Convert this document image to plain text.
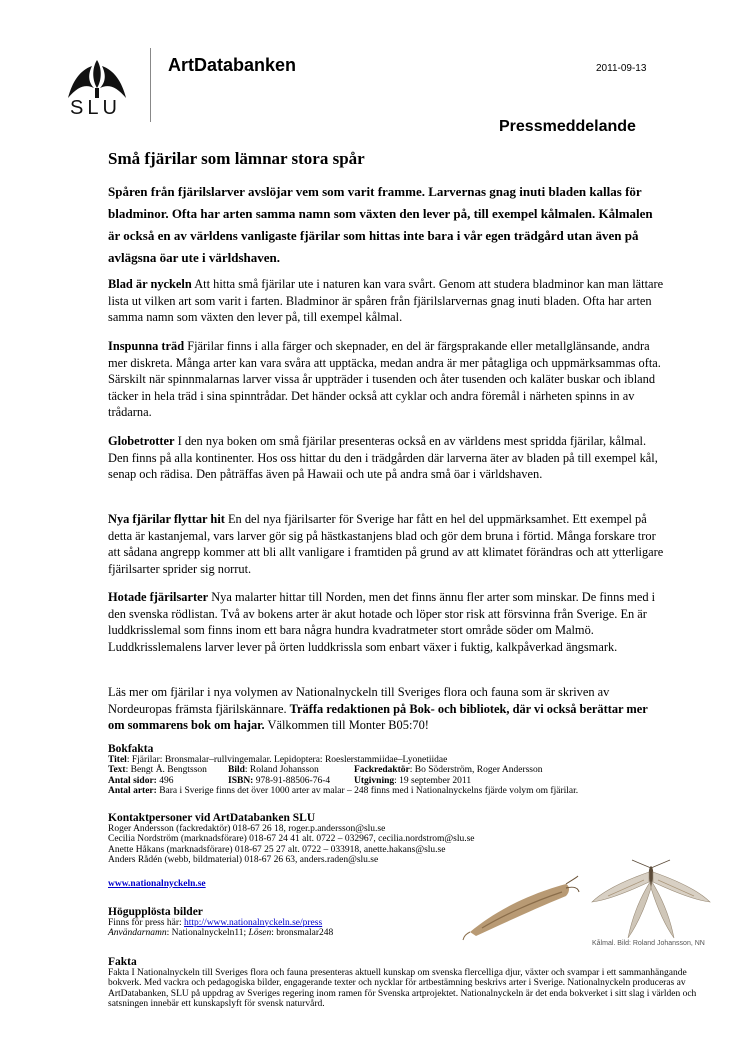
SLU
ArtDatabanken	2011-09-13
Pressmeddelande
Små fjärilar som lämnar stora spår
Spåren från fjärilslarver avslöjar vem som varit framme. Larvernas gnag inuti bladen kallas för bladminor. Ofta har arten samma namn som växten den lever på, till exempel kålmalen. Kålmalen är också en av världens vanligaste fjärilar som hittas inte bara i vår egen trädgård utan även på avlägsna öar ute i världshaven.
Blad är nyckeln Att hitta små fjärilar ute i naturen kan vara svårt. Genom att studera bladminor kan man lättare lista ut vilken art som varit i farten. Bladminor är spåren från fjärilslarvernas gnag inuti bladen. Ofta har arten samma namn som växten den lever på, till exempel kålmal.
Inspunna träd Fjärilar finns i alla färger och skepnader, en del är färgsprakande eller metallglänsande, andra mer diskreta. Många arter kan vara svåra att upptäcka, medan andra är mer påtagliga och uppmärksammas ofta. Särskilt när spinnmalarnas larver vissa år uppträder i tusenden och åter tusenden och kaläter buskar och ibland täcker in hela träd i sina spinntrådar. Det händer också att cyklar och andra föremål i närheten spinns in av trådarna.
Globetrotter I den nya boken om små fjärilar presenteras också en av världens mest spridda fjärilar, kålmal. Den finns på alla kontinenter. Hos oss hittar du den i trädgården där larverna äter av bladen på till exempel kål, senap och rädisa. Den påträffas även på Hawaii och ute på andra små öar i världshaven.
Nya fjärilar flyttar hit En del nya fjärilsarter för Sverige har fått en hel del uppmärksamhet. Ett exempel på detta är kastanjemal, vars larver gör sig på hästkastanjens blad och gör dem bruna i förtid. Många forskare tror att sådana angrepp kommer att bli allt vanligare i framtiden på grund av att klimatet förändras och att ytterligare fjärilsarter sprider sig norrut.
Hotade fjärilsarter Nya malarter hittar till Norden, men det finns ännu fler arter som minskar. De finns med i den svenska rödlistan. Två av bokens arter är akut hotade och löper stor risk att försvinna från Sverige. En är luddkrisslemal som finns inom ett bara några hundra kvadratmeter stort område söder om Malmö. Luddkrisslemalens larver lever på örten luddkrissla som enbart växer i fuktig, kalkpåverkad ängsmark.
Läs mer om fjärilar i nya volymen av Nationalnyckeln till Sveriges flora och fauna som är skriven av Nordeuropas främsta fjärilskännare. Träffa redaktionen på Bok- och bibliotek, där vi också berättar mer om sommarens bok om hajar. Välkommen till Monter B05:70!
Bokfakta
Titel: Fjärilar: Bronsmalar–rullvingemalar. Lepidoptera: Roeslerstammiidae–Lyonetiidae
Text: Bengt Å. Bengtsson Bild: Roland Johansson	Fackredaktör: Bo Söderström, Roger Andersson
Antal sidor: 496	ISBN: 978-91-88506-76-4	Utgivning: 19 september 2011
Antal arter: Bara i Sverige finns det över 1000 arter av malar – 248 finns med i Nationalnyckelns fjärde volym om fjärilar.
Kontaktpersoner vid ArtDatabanken SLU
Roger Andersson (fackredaktör) 018-67 26 18, roger.p.andersson@slu.se
Cecilia Nordström (marknadsförare) 018-67 24 41 alt. 0722 – 032967, cecilia.nordstrom@slu.se
Anette Håkans (marknadsförare) 018-67 25 27 alt. 0722 – 033918, anette.hakans@slu.se
Anders Rådén (webb, bildmaterial) 018-67 26 63, anders.raden@slu.se
www.nationalnyckeln.se
Högupplösta bilder
Finns för press här: http://www.nationalnyckeln.se/press
Användarnamn: Nationalnyckeln11; Lösen: bronsmalar248
Fakta
Fakta I Nationalnyckeln till Sveriges flora och fauna presenteras aktuell kunskap om svenska flercelliga djur, växter och svampar i ett sammanhängande bokverk. Med vackra och pedagogiska bilder, engagerande texter och nycklar för artbestämning beskrivs arter i Sverige. Nationalnyckeln produceras av ArtDatabanken, SLU på uppdrag av Sveriges regering inom ramen för Svenska artprojektet. Nationalnyckeln är det enda bokverket i sitt slag i världen och satsningen innebär ett kunskapslyft för svensk naturvård.
Kålmal. Bild: Roland Johansson, NN
